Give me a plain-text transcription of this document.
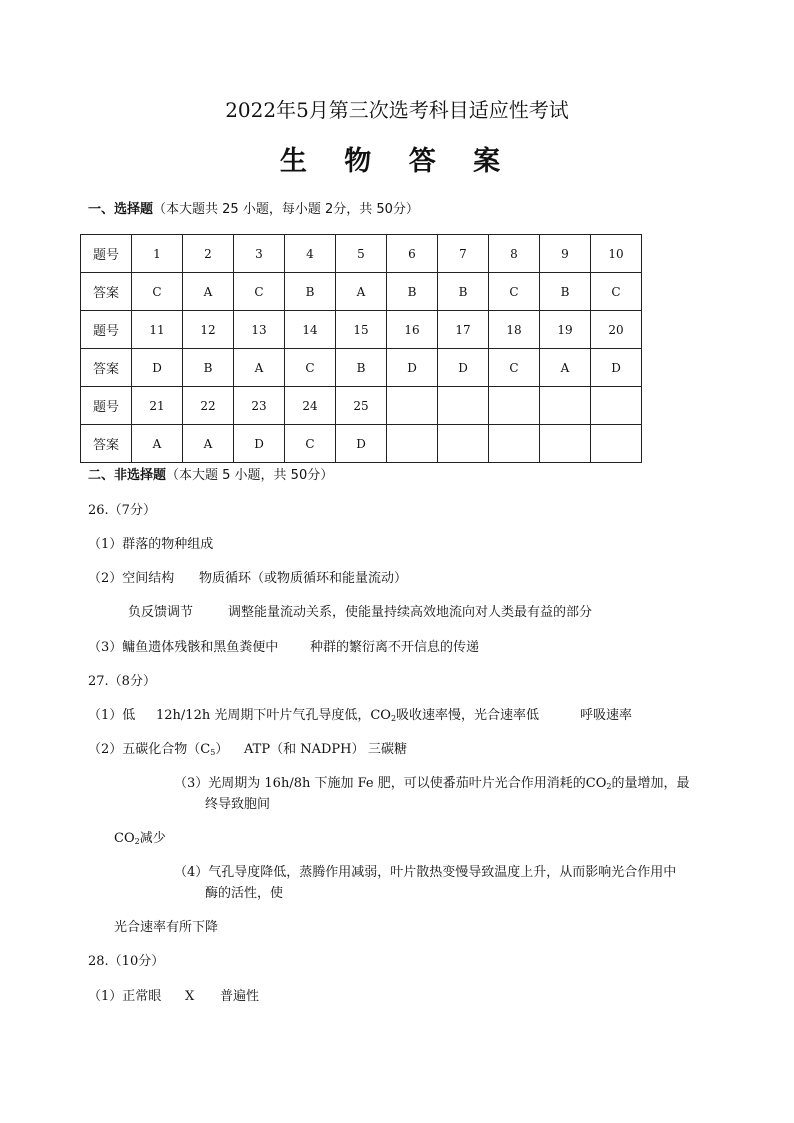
2022年5月第三次选考科目适应性考试
生 物 答 案
一、选择题（本大题共 25 小题，每小题 2分，共 50分）
题号	1	2	3	4	5	6	7	8	9	10
答案	C	A	C	B	A	B	B	C	B	C
题号	11	12	13	14	15	16	17	18	19	20
答案	D	B	A	C	B	D	D	C	A	D
题号	21	22	23	24	25					
答案	A	A	D	C	D					
二、非选择题（本大题 5 小题，共 50分）
26.（7分）
（1）群落的物种组成
（2）空间结构 物质循环（或物质循环和能量流动）
负反馈调节	调整能量流动关系，使能量持续高效地流向对人类最有益的部分
（3）鳙鱼遗体残骸和黑鱼粪便中 种群的繁衍离不开信息的传递
27.（8分）
（1）低 12h/12h 光周期下叶片气孔导度低，$CO_2$吸收速率慢，光合速率低	呼吸速率
（2）五碳化合物$(C_5)$ ATP（和 NADPH） 三碳糖
（3）光周期为 16h/8h 下施加 Fe 肥，可以使番茄叶片光合作用消耗的$CO_2$的量增加，最
终导致胞间
$CO_2$减少
（4）气孔导度降低，蒸腾作用减弱，叶片散热变慢导致温度上升，从而影响光合作用中
酶的活性，使
光合速率有所下降
28.（10分）
（1）正常眼 X 普遍性
